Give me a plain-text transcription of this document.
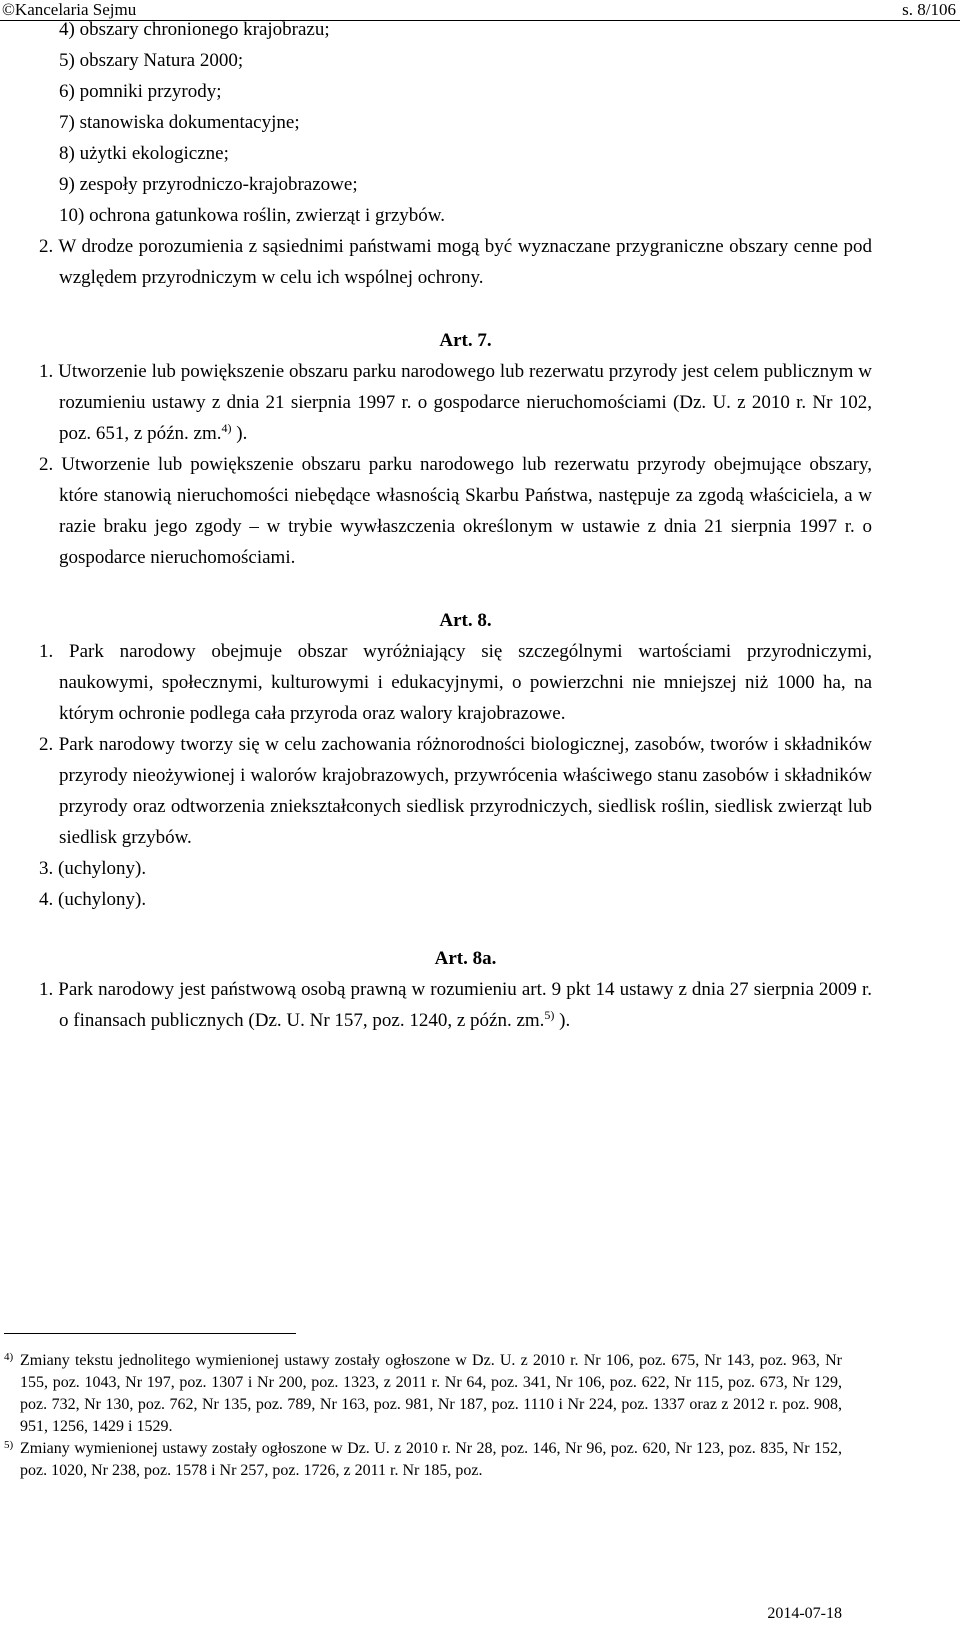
©Kancelaria Sejmu	s. 8/106
4) obszary chronionego krajobrazu;
5) obszary Natura 2000;
6) pomniki przyrody;
7) stanowiska dokumentacyjne;
8) użytki ekologiczne;
9) zespoły przyrodniczo-krajobrazowe;
10) ochrona gatunkowa roślin, zwierząt i grzybów.
2. W drodze porozumienia z sąsiednimi państwami mogą być wyznaczane przygraniczne obszary cenne pod względem przyrodniczym w celu ich wspólnej ochrony.
Art. 7.
1. Utworzenie lub powiększenie obszaru parku narodowego lub rezerwatu przyrody jest celem publicznym w rozumieniu ustawy z dnia 21 sierpnia 1997 r. o gospodarce nieruchomościami (Dz. U. z 2010 r. Nr 102, poz. 651, z późn. zm.$^{4)}$ ).
2. Utworzenie lub powiększenie obszaru parku narodowego lub rezerwatu przyrody obejmujące obszary, które stanowią nieruchomości niebędące własnością Skarbu Państwa, następuje za zgodą właściciela, a w razie braku jego zgody – w trybie wywłaszczenia określonym w ustawie z dnia 21 sierpnia 1997 r. o gospodarce nieruchomościami.
Art. 8.
1. Park narodowy obejmuje obszar wyróżniający się szczególnymi wartościami przyrodniczymi, naukowymi, społecznymi, kulturowymi i edukacyjnymi, o powierzchni nie mniejszej niż 1000 ha, na którym ochronie podlega cała przyroda oraz walory krajobrazowe.
2. Park narodowy tworzy się w celu zachowania różnorodności biologicznej, zasobów, tworów i składników przyrody nieożywionej i walorów krajobrazowych, przywrócenia właściwego stanu zasobów i składników przyrody oraz odtworzenia zniekształconych siedlisk przyrodniczych, siedlisk roślin, siedlisk zwierząt lub siedlisk grzybów.
3. (uchylony).
4. (uchylony).
Art. 8a.
1. Park narodowy jest państwową osobą prawną w rozumieniu art. 9 pkt 14 ustawy z dnia 27 sierpnia 2009 r. o finansach publicznych (Dz. U. Nr 157, poz. 1240, z późn. zm.$^{5)}$ ).
4) Zmiany tekstu jednolitego wymienionej ustawy zostały ogłoszone w Dz. U. z 2010 r. Nr 106, poz. 675, Nr 143, poz. 963, Nr 155, poz. 1043, Nr 197, poz. 1307 i Nr 200, poz. 1323, z 2011 r. Nr 64, poz. 341, Nr 106, poz. 622, Nr 115, poz. 673, Nr 129, poz. 732, Nr 130, poz. 762, Nr 135, poz. 789, Nr 163, poz. 981, Nr 187, poz. 1110 i Nr 224, poz. 1337 oraz z 2012 r. poz. 908, 951, 1256, 1429 i 1529.
5) Zmiany wymienionej ustawy zostały ogłoszone w Dz. U. z 2010 r. Nr 28, poz. 146, Nr 96, poz. 620, Nr 123, poz. 835, Nr 152, poz. 1020, Nr 238, poz. 1578 i Nr 257, poz. 1726, z 2011 r. Nr 185, poz.
2014-07-18
